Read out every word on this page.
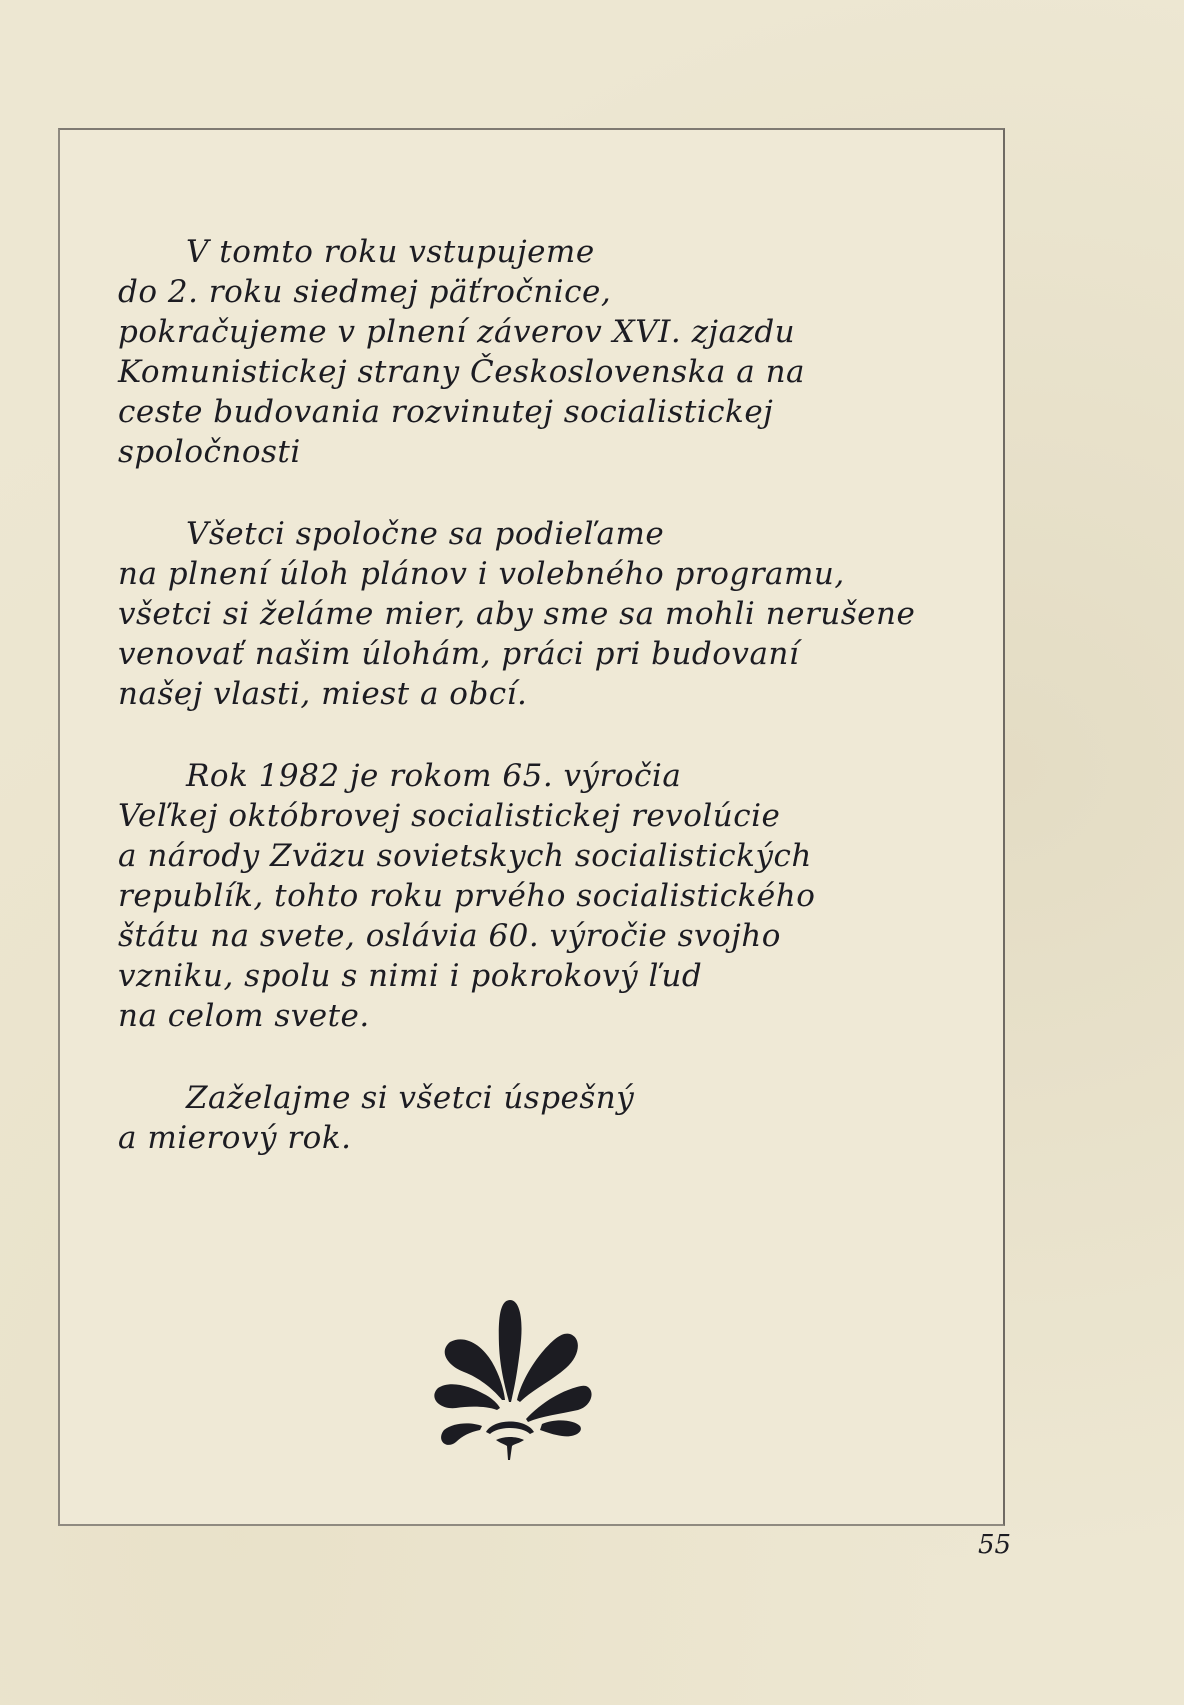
V tomto roku vstupujeme
do 2. roku siedmej päťročnice,
pokračujeme v plnení záverov XVI. zjazdu
Komunistickej strany Československa a na
ceste budovania rozvinutej socialistickej
spoločnosti
Všetci spoločne sa podieľame
na plnení úloh plánov i volebného programu,
všetci si želáme mier, aby sme sa mohli nerušene
venovať našim úlohám, práci pri budovaní
našej vlasti, miest a obcí.
Rok 1982 je rokom 65. výročia
Veľkej októbrovej socialistickej revolúcie
a národy Zväzu sovietskych socialistických
republík, tohto roku prvého socialistického
štátu na svete, oslávia 60. výročie svojho
vzniku, spolu s nimi i pokrokový ľud
na celom svete.
Zaželajme si všetci úspešný
a mierový rok.
55
